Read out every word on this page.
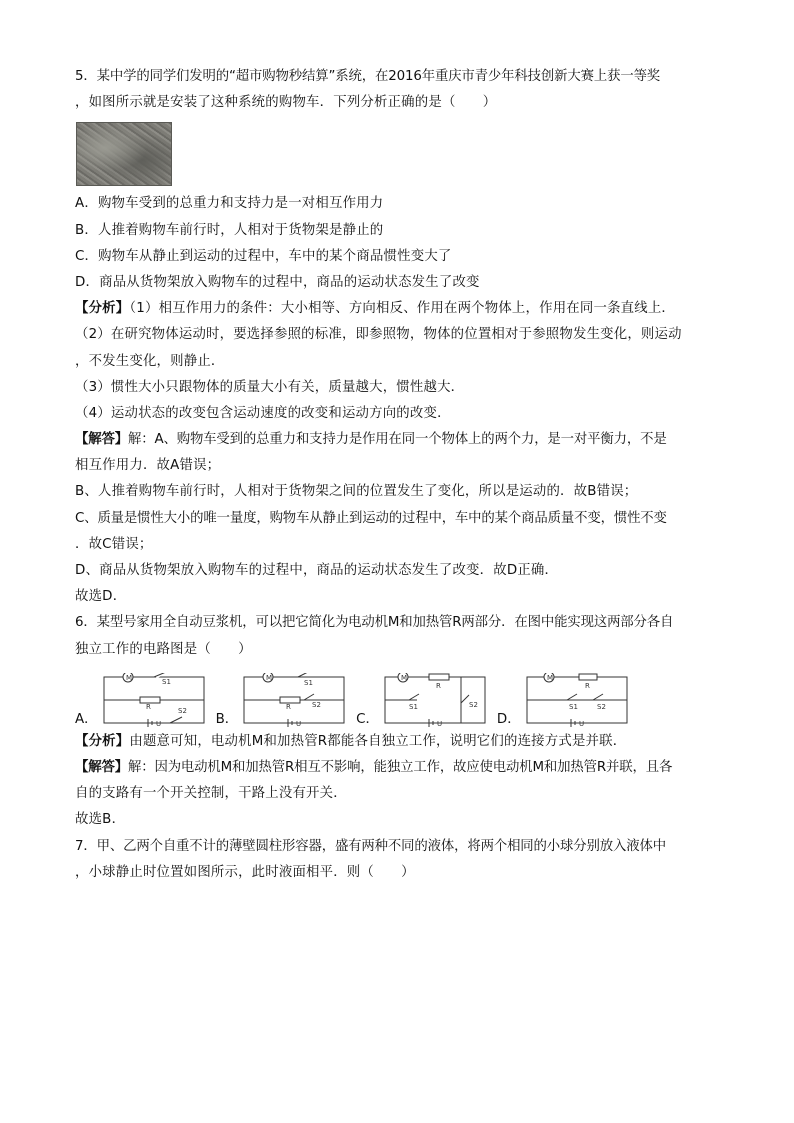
5．某中学的同学们发明的“超市购物秒结算”系统，在2016年重庆市青少年科技创新大赛上获一等奖
，如图所示就是安装了这种系统的购物车．下列分析正确的是（　　）
A．购物车受到的总重力和支持力是一对相互作用力
B．人推着购物车前行时，人相对于货物架是静止的
C．购物车从静止到运动的过程中，车中的某个商品惯性变大了
D．商品从货物架放入购物车的过程中，商品的运动状态发生了改变
【分析】（1）相互作用力的条件：大小相等、方向相反、作用在两个物体上，作用在同一条直线上．
（2）在研究物体运动时，要选择参照的标准，即参照物，物体的位置相对于参照物发生变化，则运动
，不发生变化，则静止．
（3）惯性大小只跟物体的质量大小有关，质量越大，惯性越大．
（4）运动状态的改变包含运动速度的改变和运动方向的改变．
【解答】解：A、购物车受到的总重力和支持力是作用在同一个物体上的两个力，是一对平衡力，不是
相互作用力．故A错误；
B、人推着购物车前行时，人相对于货物架之间的位置发生了变化，所以是运动的．故B错误；
C、质量是惯性大小的唯一量度，购物车从静止到运动的过程中，车中的某个商品质量不变，惯性不变
．故C错误；
D、商品从货物架放入购物车的过程中，商品的运动状态发生了改变．故D正确．
故选D．
6．某型号家用全自动豆浆机，可以把它简化为电动机M和加热管R两部分．在图中能实现这两部分各自
独立工作的电路图是（　　）
A．
M	S1
R	S2
U	B．
M
S1
R	S2
U	C．
M
R
S1	S2
U	D．
M
R
S1	S2
U
【分析】由题意可知，电动机M和加热管R都能各自独立工作，说明它们的连接方式是并联．
【解答】解：因为电动机M和加热管R相互不影响，能独立工作，故应使电动机M和加热管R并联，且各
自的支路有一个开关控制，干路上没有开关．
故选B．
7．甲、乙两个自重不计的薄壁圆柱形容器，盛有两种不同的液体，将两个相同的小球分别放入液体中
，小球静止时位置如图所示，此时液面相平．则（　　）
